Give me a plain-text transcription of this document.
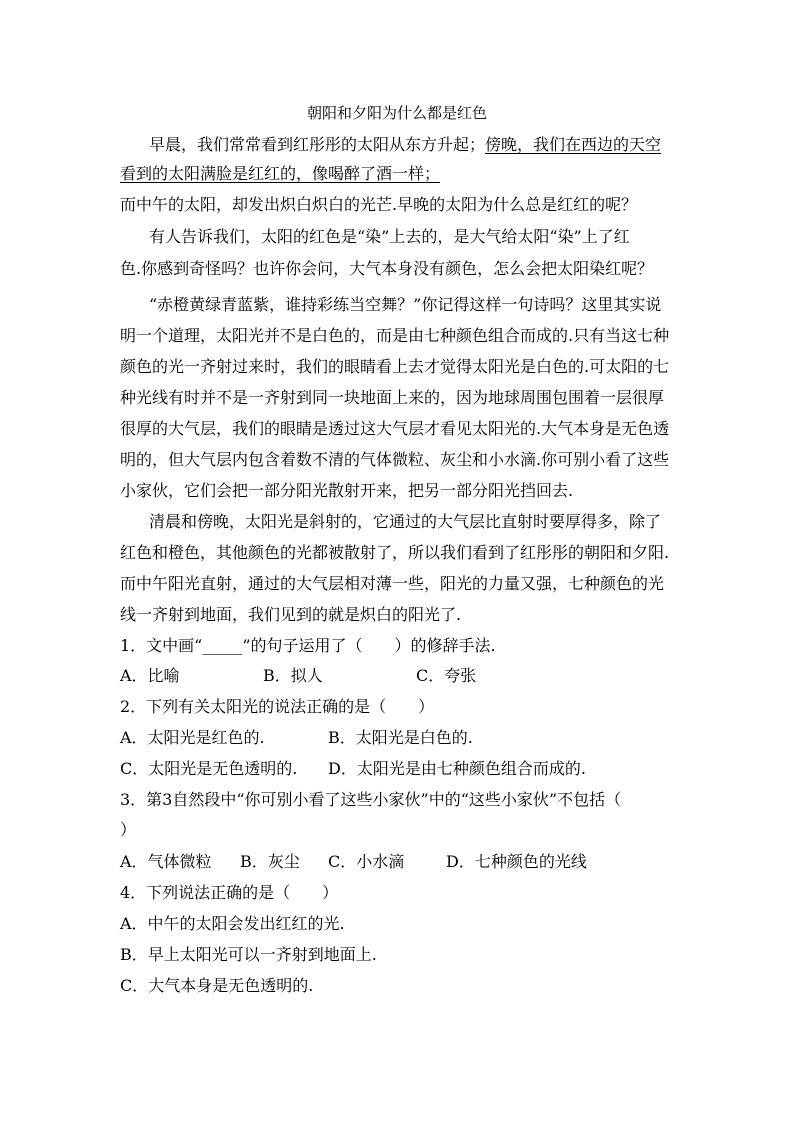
朝阳和夕阳为什么都是红色
早晨，我们常常看到红彤彤的太阳从东方升起；傍晚，我们在西边的天空
看到的太阳满脸是红红的，像喝醉了酒一样；
而中午的太阳，却发出炽白炽白的光芒.早晚的太阳为什么总是红红的呢？
有人告诉我们，太阳的红色是“染”上去的，是大气给太阳“染”上了红
色.你感到奇怪吗？也许你会问，大气本身没有颜色，怎么会把太阳染红呢？
“赤橙黄绿青蓝紫，谁持彩练当空舞？”你记得这样一句诗吗？这里其实说
明一个道理，太阳光并不是白色的，而是由七种颜色组合而成的.只有当这七种
颜色的光一齐射过来时，我们的眼睛看上去才觉得太阳光是白色的.可太阳的七
种光线有时并不是一齐射到同一块地面上来的，因为地球周围包围着一层很厚
很厚的大气层，我们的眼睛是透过这大气层才看见太阳光的.大气本身是无色透
明的，但大气层内包含着数不清的气体微粒、灰尘和小水滴.你可别小看了这些
小家伙，它们会把一部分阳光散射开来，把另一部分阳光挡回去.
清晨和傍晚，太阳光是斜射的，它通过的大气层比直射时要厚得多，除了
红色和橙色，其他颜色的光都被散射了，所以我们看到了红彤彤的朝阳和夕阳.
而中午阳光直射，通过的大气层相对薄一些，阳光的力量又强，七种颜色的光
线一齐射到地面，我们见到的就是炽白的阳光了.
1．文中画“_____”的句子运用了（　　）的修辞手法.
A．比喻	B．拟人	C．夸张
2．下列有关太阳光的说法正确的是（　　）
A．太阳光是红色的.	B．太阳光是白色的.
C．太阳光是无色透明的. D．太阳光是由七种颜色组合而成的.
3．第3自然段中“你可别小看了这些小家伙”中的“这些小家伙”不包括（
）
A．气体微粒 B．灰尘 C．小水滴	D．七种颜色的光线
4．下列说法正确的是（　　）
A．中午的太阳会发出红红的光.
B．早上太阳光可以一齐射到地面上.
C．大气本身是无色透明的.
